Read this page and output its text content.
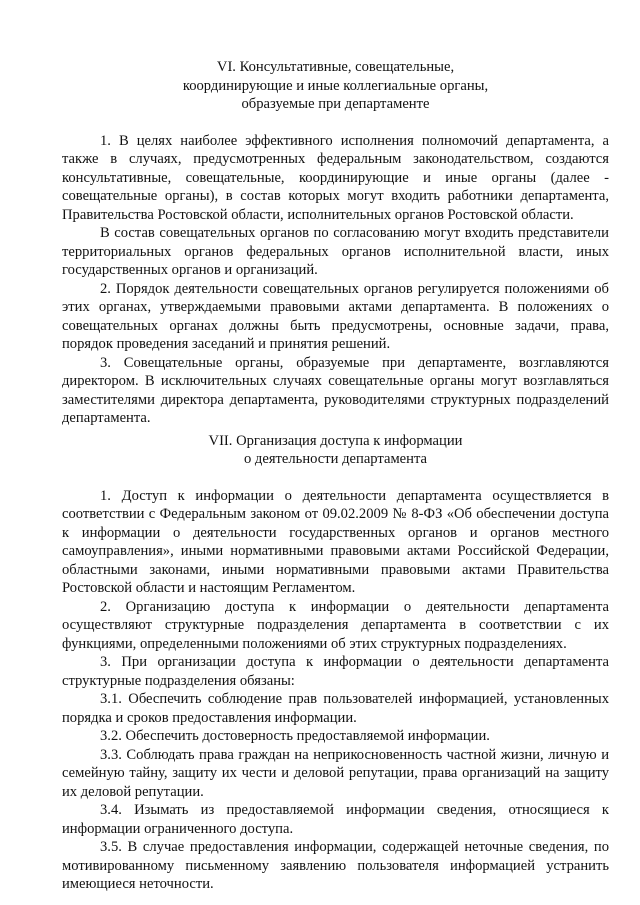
VI. Консультативные, совещательные,
координирующие и иные коллегиальные органы,
образуемые при департаменте

1. В целях наиболее эффективного исполнения полномочий департамента, а также в случаях, предусмотренных федеральным законодательством, создаются консультативные, совещательные, координирующие и иные органы (далее - совещательные органы), в состав которых могут входить работники департамента, Правительства Ростовской области, исполнительных органов Ростовской области.

В состав совещательных органов по согласованию могут входить представители территориальных органов федеральных органов исполнительной власти, иных государственных органов и организаций.

2. Порядок деятельности совещательных органов регулируется положениями об этих органах, утверждаемыми правовыми актами департамента. В положениях о совещательных органах должны быть предусмотрены, основные задачи, права, порядок проведения заседаний и принятия решений.

3. Совещательные органы, образуемые при департаменте, возглавляются директором. В исключительных случаях совещательные органы могут возглавляться заместителями директора департамента, руководителями структурных подразделений департамента.

VII. Организация доступа к информации
о деятельности департамента

1. Доступ к информации о деятельности департамента осуществляется в соответствии с Федеральным законом от 09.02.2009 № 8-ФЗ «Об обеспечении доступа к информации о деятельности государственных органов и органов местного самоуправления», иными нормативными правовыми актами Российской Федерации, областными законами, иными нормативными правовыми актами Правительства Ростовской области и настоящим Регламентом.

2. Организацию доступа к информации о деятельности департамента осуществляют структурные подразделения департамента в соответствии с их функциями, определенными положениями об этих структурных подразделениях.

3. При организации доступа к информации о деятельности департамента структурные подразделения обязаны:

3.1. Обеспечить соблюдение прав пользователей информацией, установленных порядка и сроков предоставления информации.

3.2. Обеспечить достоверность предоставляемой информации.

3.3. Соблюдать права граждан на неприкосновенность частной жизни, личную и семейную тайну, защиту их чести и деловой репутации, права организаций на защиту их деловой репутации.

3.4. Изымать из предоставляемой информации сведения, относящиеся к информации ограниченного доступа.

3.5. В случае предоставления информации, содержащей неточные сведения, по мотивированному письменному заявлению пользователя информацией устранить имеющиеся неточности.
